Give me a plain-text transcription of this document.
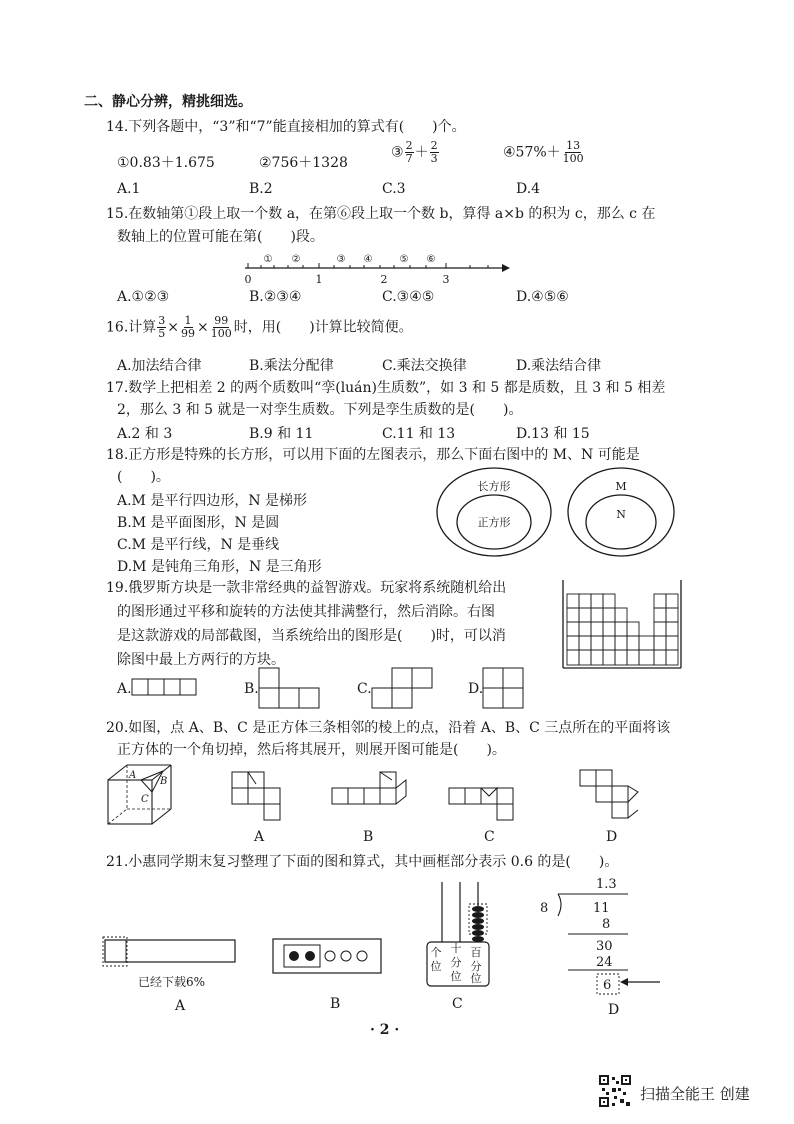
二、静心分辨，精挑细选。
14.下列各题中，“3”和“7”能直接相加的算式有(　　)个。
①0.83＋1.675	②756＋1328
③ $\frac{2}{7} + \frac{2}{3}$	④57%＋ $\frac{13}{100}$
A.1	B.2	C.3	D.4
15.在数轴第①段上取一个数 a，在第⑥段上取一个数 b，算得 a×b 的积为 c，那么 c 在
数轴上的位置可能在第(　　)段。
① ②	③ ④	⑤ ⑥
0	1	2	3
A.①②③	B.②③④	C.③④⑤	D.④⑤⑥
16.计算 $\frac{3}{5} \times \frac{1}{99} \times \frac{99}{100}$ 时，用(　　)计算比较简便。
A.加法结合律	B.乘法分配律	C.乘法交换律	D.乘法结合律
17.数学上把相差 2 的两个质数叫“孪(luán)生质数”，如 3 和 5 都是质数，且 3 和 5 相差
2，那么 3 和 5 就是一对孪生质数。下列是孪生质数的是(　　)。
A.2 和 3	B.9 和 11	C.11 和 13	D.13 和 15
18.正方形是特殊的长方形，可以用下面的左图表示，那么下面右图中的 M、N 可能是
(　　)。
A.M 是平行四边形，N 是梯形
B.M 是平面图形，N 是圆
C.M 是平行线，N 是垂线
D.M 是钝角三角形，N 是三角形
长方形
正方形
M
N
19.俄罗斯方块是一款非常经典的益智游戏。玩家将系统随机给出
的图形通过平移和旋转的方法使其排满整行，然后消除。右图
是这款游戏的局部截图，当系统给出的图形是(　　)时，可以消
除图中最上方两行的方块。
A.	B.	C.	D.
20.如图，点 A、B、C 是正方体三条相邻的棱上的点，沿着 A、B、C 三点所在的平面将该
正方体的一个角切掉，然后将其展开，则展开图可能是(　　)。
A
B
C
A	B	C	D
21.小惠同学期末复习整理了下面的图和算式，其中画框部分表示 0.6 的是(　　)。
已经下载6%
A	B
个 十 百
位 分 分
位 位
C
1.3
8	11
8
30
24
6
D
· 2 ·
扫描全能王 创建
